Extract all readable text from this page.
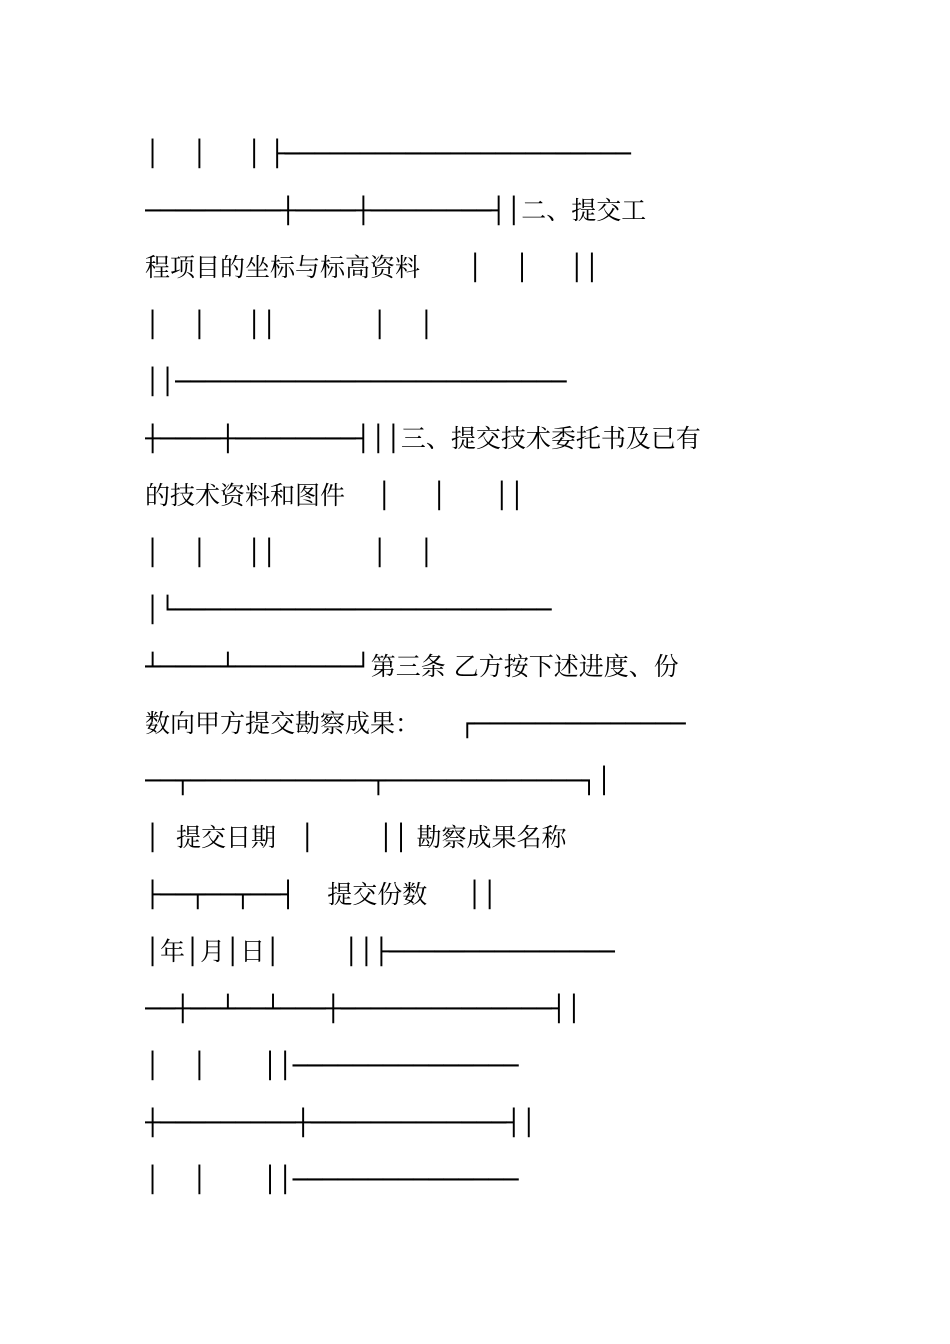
│    │     │ ├───────────────────────
─────────┼────┼────────┤│二、提交工
程项目的坐标与标高资料      │    │     ││
│    │     ││            │    │
││──────────────────────────
┼────┼────────┤││三、提交技术委托书及已有
的技术资料和图件    │     │      ││
│    │     ││            │    │
│└─────────────────────────
┴────┴────────┘第三条 乙方按下述进度、份
数向甲方提交勘察成果：     ┌──────────────
──┬────────────┬─────────────┐│
│  提交日期   │        ││ 勘察成果名称
├──┬──┬──┤    提交份数     ││
│年│月│日│        ││├───────────────
──┼──┴──┴───┼──────────────┤│
│    │       ││───────────────
┼─────────┼─────────────┤│
│    │       ││───────────────
